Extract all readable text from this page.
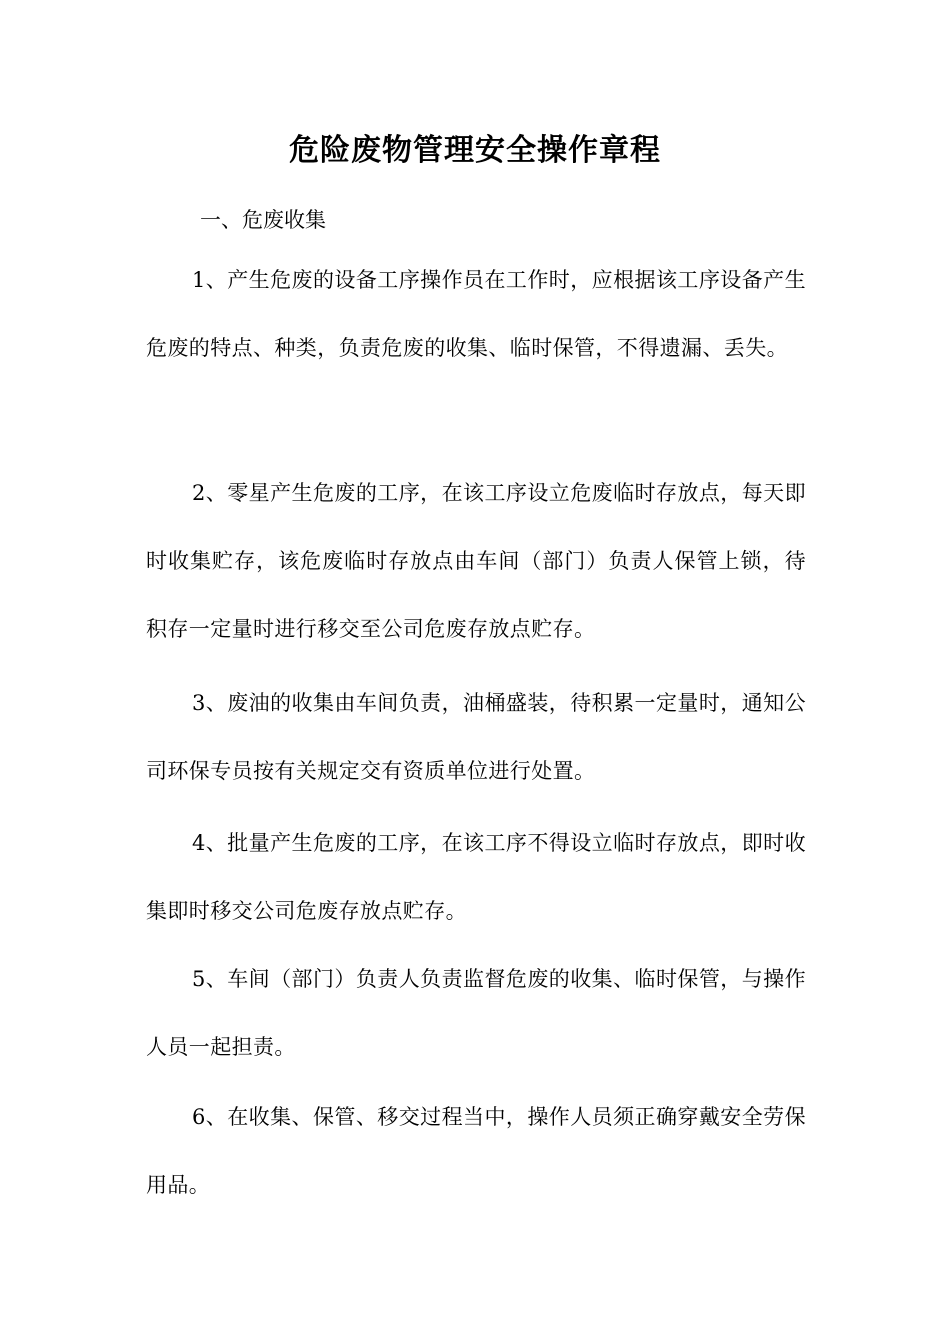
危险废物管理安全操作章程
一、危废收集

1、产生危废的设备工序操作员在工作时，应根据该工序设备产生危废的特点、种类，负责危废的收集、临时保管，不得遗漏、丢失。

2、零星产生危废的工序，在该工序设立危废临时存放点，每天即时收集贮存，该危废临时存放点由车间（部门）负责人保管上锁，待积存一定量时进行移交至公司危废存放点贮存。

3、废油的收集由车间负责，油桶盛装，待积累一定量时，通知公司环保专员按有关规定交有资质单位进行处置。

4、批量产生危废的工序，在该工序不得设立临时存放点，即时收集即时移交公司危废存放点贮存。

5、车间（部门）负责人负责监督危废的收集、临时保管，与操作人员一起担责。

6、在收集、保管、移交过程当中，操作人员须正确穿戴安全劳保用品。
